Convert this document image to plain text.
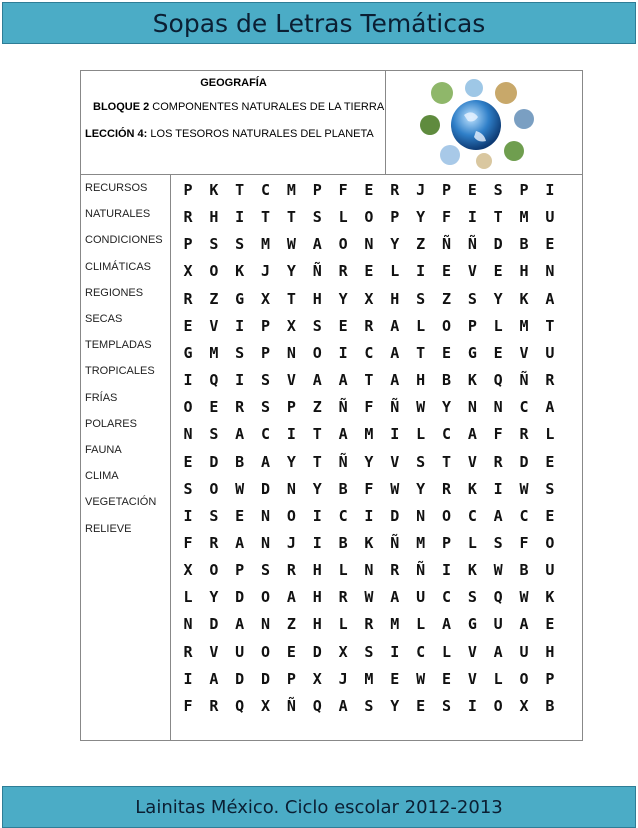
Sopas de Letras Temáticas
GEOGRAFÍA
BLOQUE 2 COMPONENTES NATURALES DE LA TIERRA
LECCIÓN 4: LOS TESOROS NATURALES DEL PLANETA
RECURSOS
NATURALES
CONDICIONES
CLIMÁTICAS
REGIONES
SECAS
TEMPLADAS
TROPICALES
FRÍAS
POLARES
FAUNA
CLIMA
VEGETACIÓN
RELIEVE
P	K	T	C	M	P	F	E	R	J	P	E	S	P	I
R	H	I	T	T	S	L	O	P	Y	F	I	T	M	U
P	S	S	M	W	A	O	N	Y	Z	Ñ	Ñ	D	B	E
X	O	K	J	Y	Ñ	R	E	L	I	E	V	E	H	N
R	Z	G	X	T	H	Y	X	H	S	Z	S	Y	K	A
E	V	I	P	X	S	E	R	A	L	O	P	L	M	T
G	M	S	P	N	O	I	C	A	T	E	G	E	V	U
I	Q	I	S	V	A	A	T	A	H	B	K	Q	Ñ	R
O	E	R	S	P	Z	Ñ	F	Ñ	W	Y	N	N	C	A
N	S	A	C	I	T	A	M	I	L	C	A	F	R	L
E	D	B	A	Y	T	Ñ	Y	V	S	T	V	R	D	E
S	O	W	D	N	Y	B	F	W	Y	R	K	I	W	S
I	S	E	N	O	I	C	I	D	N	O	C	A	C	E
F	R	A	N	J	I	B	K	Ñ	M	P	L	S	F	O
X	O	P	S	R	H	L	N	R	Ñ	I	K	W	B	U
L	Y	D	O	A	H	R	W	A	U	C	S	Q	W	K
N	D	A	N	Z	H	L	R	M	L	A	G	U	A	E
R	V	U	O	E	D	X	S	I	C	L	V	A	U	H
I	A	D	D	P	X	J	M	E	W	E	V	L	O	P
F	R	Q	X	Ñ	Q	A	S	Y	E	S	I	O	X	B
Lainitas México. Ciclo escolar 2012-2013
